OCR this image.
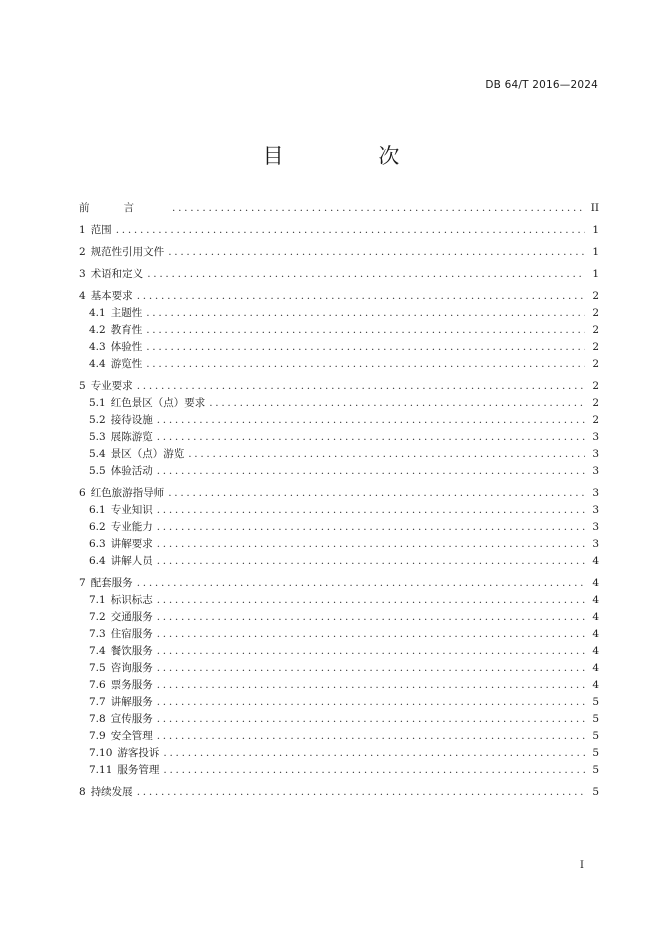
DB 64/T 2016—2024
目 次
前言 . . .	II
1 范围 . . .	1
2 规范性引用文件 . . .	1
3 术语和定义 . . .	1
4 基本要求 . . .	2
4.1 主题性 . . .	2
4.2 教育性 . . .	2
4.3 体验性 . . .	2
4.4 游览性 . . .	2
5 专业要求 . . .	2
5.1 红色景区（点）要求 . . .	2
5.2 接待设施 . . .	2
5.3 展陈游览 . . .	3
5.4 景区（点）游览 . . .	3
5.5 体验活动 . . .	3
6 红色旅游指导师 . . .	3
6.1 专业知识 . . .	3
6.2 专业能力 . . .	3
6.3 讲解要求 . . .	3
6.4 讲解人员 . . .	4
7 配套服务 . . .	4
7.1 标识标志 . . .	4
7.2 交通服务 . . .	4
7.3 住宿服务 . . .	4
7.4 餐饮服务 . . .	4
7.5 咨询服务 . . .	4
7.6 票务服务 . . .	4
7.7 讲解服务 . . .	5
7.8 宣传服务 . . .	5
7.9 安全管理 . . .	5
7.10 游客投诉 . . .	5
7.11 服务管理 . . .	5
8 持续发展 . . .	5
I
